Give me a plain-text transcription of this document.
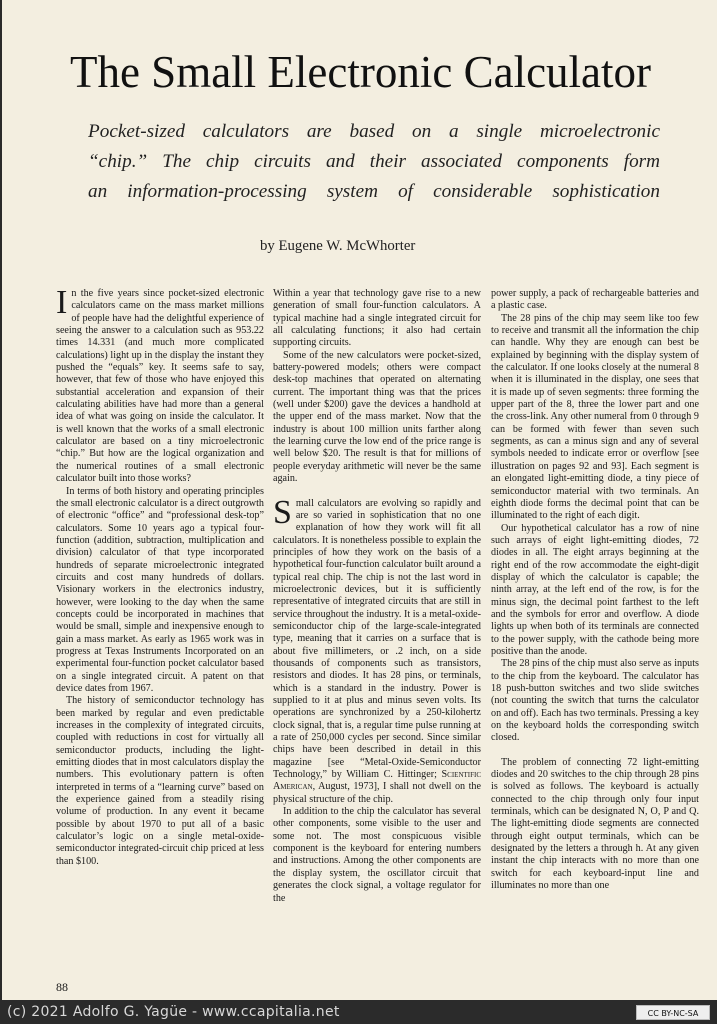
The Small Electronic Calculator
Pocket-sized calculators are based on a single microelectronic
“chip.” The chip circuits and their associated components form
an information-processing system of considerable sophistication
by Eugene W. McWhorter

In the five years since pocket-sized electronic calculators came on the mass market millions of people have had the delightful experience of seeing the answer to a calculation such as 953.22 times 14.331 (and much more complicated calculations) light up in the display the instant they pushed the “equals” key. It seems safe to say, however, that few of those who have enjoyed this substantial acceleration and expansion of their calculating abilities have had more than a general idea of what was going on inside the calculator. It is well known that the works of a small electronic calculator are based on a tiny microelectronic “chip.” But how are the logical organization and the numerical routines of a small electronic calculator built into those works?

In terms of both history and operating principles the small electronic calculator is a direct outgrowth of electronic “office” and “professional desk-top” calculators. Some 10 years ago a typical four-function (addition, subtraction, multiplication and division) calculator of that type incorporated hundreds of separate microelectronic integrated circuits and cost many hundreds of dollars. Visionary workers in the electronics industry, however, were looking to the day when the same concepts could be incorporated in machines that would be small, simple and inexpensive enough to gain a mass market. As early as 1965 work was in progress at Texas Instruments Incorporated on an experimental four-function pocket calculator based on a single integrated circuit. A patent on that device dates from 1967.

The history of semiconductor technology has been marked by regular and even predictable increases in the complexity of integrated circuits, coupled with reductions in cost for virtually all semiconductor products, including the light-emitting diodes that in most calculators display the numbers. This evolutionary pattern is often interpreted in terms of a “learning curve” based on the experience gained from a steadily rising volume of production. In any event it became possible by about 1970 to put all of a basic calculator’s logic on a single metal-oxide-semiconductor integrated-circuit chip priced at less than $100.

Within a year that technology gave rise to a new generation of small four-function calculators. A typical machine had a single integrated circuit for all calculating functions; it also had certain supporting circuits.

Some of the new calculators were pocket-sized, battery-powered models; others were compact desk-top machines that operated on alternating current. The important thing was that the prices (well under $200) gave the devices a handhold at the upper end of the mass market. Now that the industry is about 100 million units farther along the learning curve the low end of the price range is well below $20. The result is that for millions of people everyday arithmetic will never be the same again.

Small calculators are evolving so rapidly and are so varied in sophistication that no one explanation of how they work will fit all calculators. It is nonetheless possible to explain the principles of how they work on the basis of a hypothetical four-function calculator built around a typical real chip. The chip is not the last word in microelectronic devices, but it is sufficiently representative of integrated circuits that are still in service throughout the industry. It is a metal-oxide-semiconductor chip of the large-scale-integrated type, meaning that it carries on a surface that is about five millimeters, or .2 inch, on a side thousands of components such as transistors, resistors and diodes. It has 28 pins, or terminals, which is a standard in the industry. Power is supplied to it at plus and minus seven volts. Its operations are synchronized by a 250-kilohertz clock signal, that is, a regular time pulse running at a rate of 250,000 cycles per second. Since similar chips have been described in detail in this magazine [see “Metal-Oxide-Semiconductor Technology,” by William C. Hittinger; Scientific American, August, 1973], I shall not dwell on the physical structure of the chip.

In addition to the chip the calculator has several other components, some visible to the user and some not. The most conspicuous visible component is the keyboard for entering numbers and instructions. Among the other components are the display system, the oscillator circuit that generates the clock signal, a voltage regulator for the

power supply, a pack of rechargeable batteries and a plastic case.

The 28 pins of the chip may seem like too few to receive and transmit all the information the chip can handle. Why they are enough can best be explained by beginning with the display system of the calculator. If one looks closely at the numeral 8 when it is illuminated in the display, one sees that it is made up of seven segments: three forming the upper part of the 8, three the lower part and one the cross-link. Any other numeral from 0 through 9 can be formed with fewer than seven such segments, as can a minus sign and any of several symbols needed to indicate error or overflow [see illustration on pages 92 and 93]. Each segment is an elongated light-emitting diode, a tiny piece of semiconductor material with two terminals. An eighth diode forms the decimal point that can be illuminated to the right of each digit.

Our hypothetical calculator has a row of nine such arrays of eight light-emitting diodes, 72 diodes in all. The eight arrays beginning at the right end of the row accommodate the eight-digit display of which the calculator is capable; the ninth array, at the left end of the row, is for the minus sign, the decimal point farthest to the left and the symbols for error and overflow. A diode lights up when both of its terminals are connected to the power supply, with the cathode being more positive than the anode.

The 28 pins of the chip must also serve as inputs to the chip from the keyboard. The calculator has 18 push-button switches and two slide switches (not counting the switch that turns the calculator on and off). Each has two terminals. Pressing a key on the keyboard holds the corresponding switch closed.

The problem of connecting 72 light-emitting diodes and 20 switches to the chip through 28 pins is solved as follows. The keyboard is actually connected to the chip through only four input terminals, which can be designated N, O, P and Q. The light-emitting diode segments are connected through eight output terminals, which can be designated by the letters a through h. At any given instant the chip interacts with no more than one switch for each keyboard-input line and illuminates no more than one

88
(c) 2021 Adolfo G. Yagüe - www.ccapitalia.net	CC BY-NC-SA
